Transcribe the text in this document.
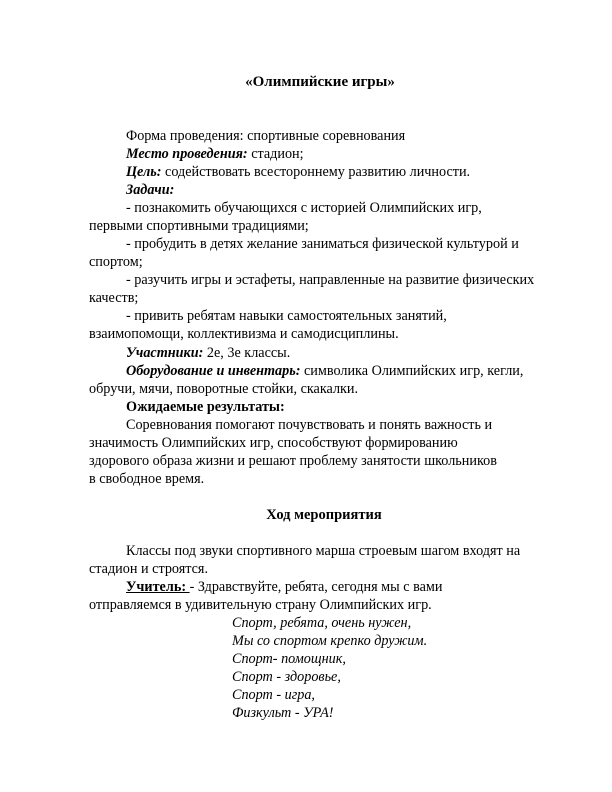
«Олимпийские игры»
Форма проведения: спортивные соревнования
Место проведения: стадион;
Цель: содействовать всестороннему развитию личности.
Задачи:
- познакомить обучающихся с историей Олимпийских игр,
первыми спортивными традициями;
- пробудить в детях желание заниматься физической культурой и
спортом;
- разучить игры и эстафеты, направленные на развитие физических
качеств;
- привить ребятам навыки самостоятельных занятий,
взаимопомощи, коллективизма и самодисциплины.
Участники: 2е, 3е классы.
Оборудование и инвентарь: символика Олимпийских игр, кегли,
обручи, мячи, поворотные стойки, скакалки.
Ожидаемые результаты:
Соревнования помогают почувствовать и понять важность и
значимость Олимпийских игр, способствуют формированию
здорового образа жизни и решают проблему занятости школьников
в свободное время.
Ход мероприятия
Классы под звуки спортивного марша строевым шагом входят на
стадион и строятся.
Учитель: - Здравствуйте, ребята, сегодня мы с вами
отправляемся в удивительную страну Олимпийских игр.
Спорт, ребята, очень нужен,
Мы со спортом крепко дружим.
Спорт- помощник,
Спорт - здоровье,
Спорт - игра,
Физкульт - УРА!
